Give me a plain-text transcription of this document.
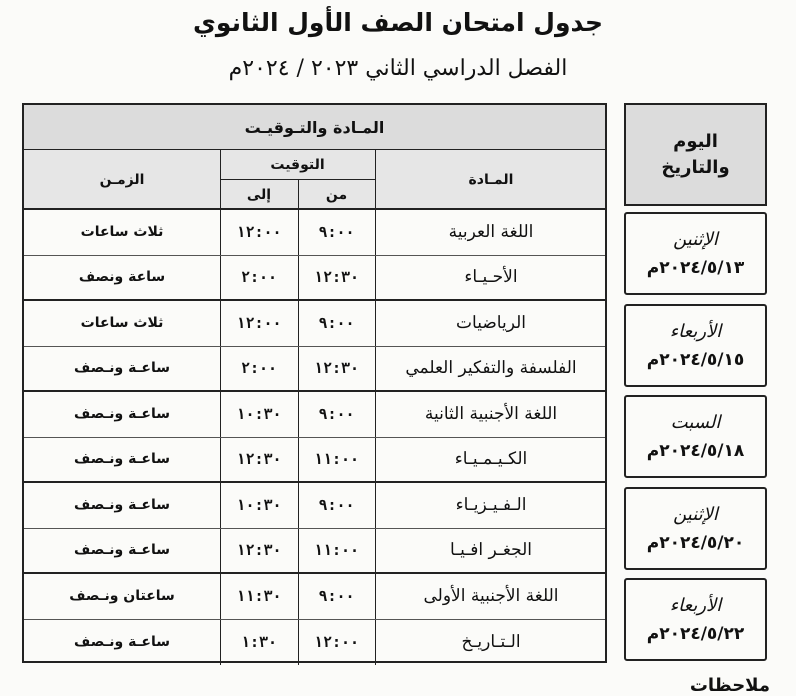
جدول امتحان الصف الأول الثانوي
الفصل الدراسي الثاني ٢٠٢٣ / ٢٠٢٤م
المـادة والتـوقيـت
المـادة
التوقيت
من
إلى
الزمـن
اللغة العربية
٩:٠٠
١٢:٠٠
ثلاث ساعات
الأحـيـاء
١٢:٣٠
٢:٠٠
ساعة ونصف
الرياضيات
٩:٠٠
١٢:٠٠
ثلاث ساعات
الفلسفة والتفكير العلمي
١٢:٣٠
٢:٠٠
ساعـة ونـصف
اللغة الأجنبية الثانية
٩:٠٠
١٠:٣٠
ساعـة ونـصف
الكـيـمـيـاء
١١:٠٠
١٢:٣٠
ساعـة ونـصف
الـفـيـزيـاء
٩:٠٠
١٠:٣٠
ساعـة ونـصف
الجغـر افـيـا
١١:٠٠
١٢:٣٠
ساعـة ونـصف
اللغة الأجنبية الأولى
٩:٠٠
١١:٣٠
ساعتان ونـصف
الـتـاريـخ
١٢:٠٠
١:٣٠
ساعـة ونـصف
اليوم
والتاريخ
الإثنين
٢٠٢٤/٥/١٣م
الأربعاء
٢٠٢٤/٥/١٥م
السبت
٢٠٢٤/٥/١٨م
الإثنين
٢٠٢٤/٥/٢٠م
الأربعاء
٢٠٢٤/٥/٢٢م
ملاحظات
